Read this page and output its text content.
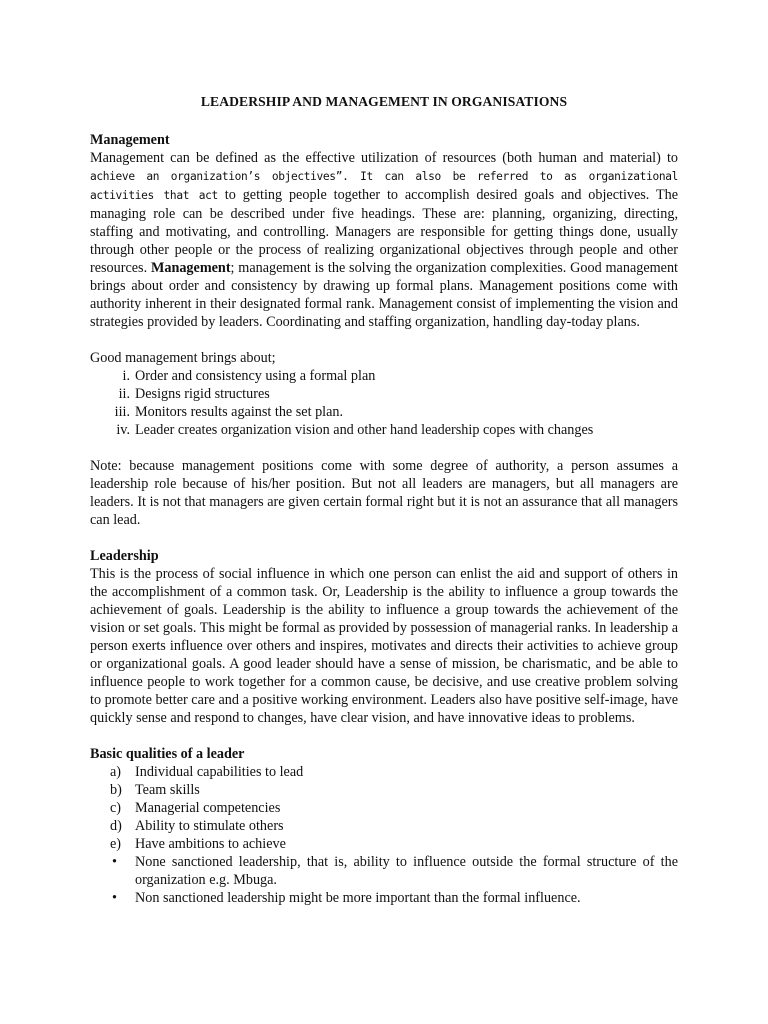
LEADERSHIP AND MANAGEMENT IN ORGANISATIONS
Management

Management can be defined as the effective utilization of resources (both human and material) to achieve an organization’s objectives”. It can also be referred to as organizational activities that act to getting people together to accomplish desired goals and objectives. The managing role can be described under five headings. These are: planning, organizing, directing, staffing and motivating, and controlling. Managers are responsible for getting things done, usually through other people or the process of realizing organizational objectives through people and other resources. Management; management is the solving the organization complexities. Good management brings about order and consistency by drawing up formal plans. Management positions come with authority inherent in their designated formal rank. Management consist of implementing the vision and strategies provided by leaders. Coordinating and staffing organization, handling day-today plans.

Good management brings about;

i. Order and consistency using a formal plan
ii. Designs rigid structures
iii. Monitors results against the set plan.
iv. Leader creates organization vision and other hand leadership copes with changes

Note: because management positions come with some degree of authority, a person assumes a leadership role because of his/her position. But not all leaders are managers, but all managers are leaders. It is not that managers are given certain formal right but it is not an assurance that all managers can lead.

Leadership

This is the process of social influence in which one person can enlist the aid and support of others in the accomplishment of a common task. Or, Leadership is the ability to influence a group towards the achievement of goals. Leadership is the ability to influence a group towards the achievement of the vision or set goals. This might be formal as provided by possession of managerial ranks. In leadership a person exerts influence over others and inspires, motivates and directs their activities to achieve group or organizational goals. A good leader should have a sense of mission, be charismatic, and be able to influence people to work together for a common cause, be decisive, and use creative problem solving to promote better care and a positive working environment. Leaders also have positive self-image, have quickly sense and respond to changes, have clear vision, and have innovative ideas to problems.

Basic qualities of a leader
a) Individual capabilities to lead
b) Team skills
c) Managerial competencies
d) Ability to stimulate others
e) Have ambitions to achieve
• None sanctioned leadership, that is, ability to influence outside the formal structure of the organization e.g. Mbuga.
• Non sanctioned leadership might be more important than the formal influence.
